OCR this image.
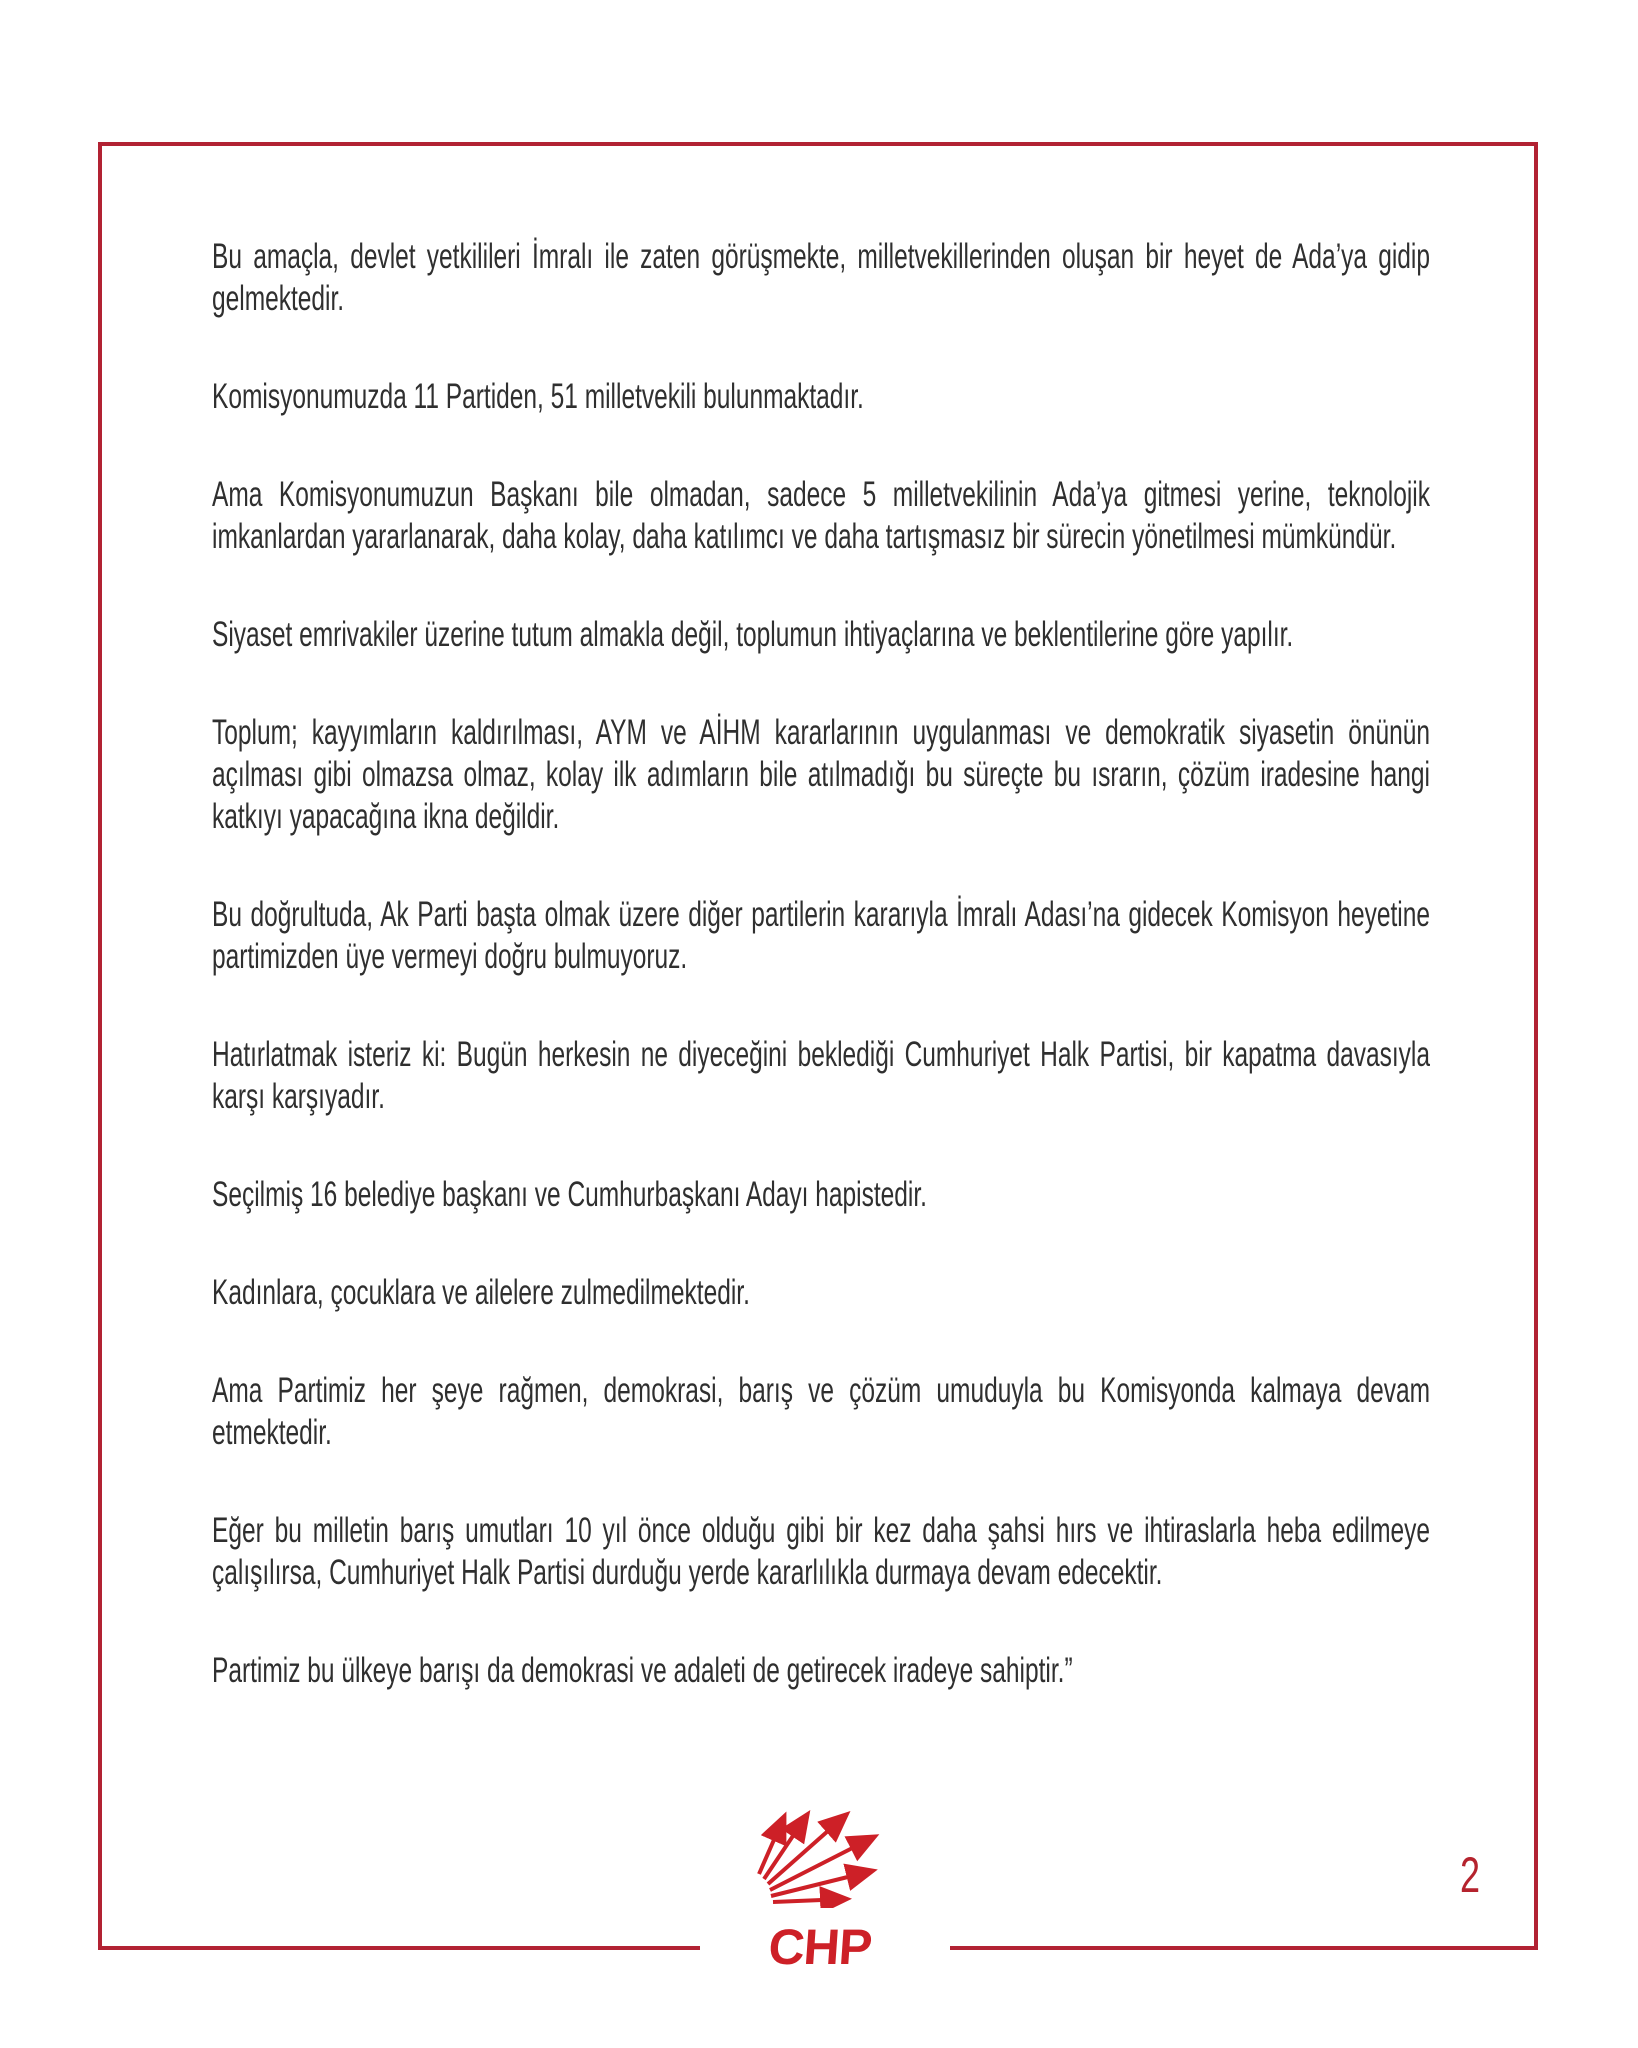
Bu amaçla, devlet yetkilileri İmralı ile zaten görüşmekte, milletvekillerinden oluşan bir heyet de Ada’ya gidip gelmektedir.

Komisyonumuzda 11 Partiden, 51 milletvekili bulunmaktadır.

Ama Komisyonumuzun Başkanı bile olmadan, sadece 5 milletvekilinin Ada’ya gitmesi yerine, teknolojik imkanlardan yararlanarak, daha kolay, daha katılımcı ve daha tartışmasız bir sürecin yönetilmesi mümkündür.

Siyaset emrivakiler üzerine tutum almakla değil, toplumun ihtiyaçlarına ve beklentilerine göre yapılır.

Toplum; kayyımların kaldırılması, AYM ve AİHM kararlarının uygulanması ve demokratik siyasetin önünün açılması gibi olmazsa olmaz, kolay ilk adımların bile atılmadığı bu süreçte bu ısrarın, çözüm iradesine hangi katkıyı yapacağına ikna değildir.

Bu doğrultuda, Ak Parti başta olmak üzere diğer partilerin kararıyla İmralı Adası’na gidecek Komisyon heyetine partimizden üye vermeyi doğru bulmuyoruz.

Hatırlatmak isteriz ki: Bugün herkesin ne diyeceğini beklediği Cumhuriyet Halk Partisi, bir kapatma davasıyla karşı karşıyadır.

Seçilmiş 16 belediye başkanı ve Cumhurbaşkanı Adayı hapistedir.

Kadınlara, çocuklara ve ailelere zulmedilmektedir.

Ama Partimiz her şeye rağmen, demokrasi, barış ve çözüm umuduyla bu Komisyonda kalmaya devam etmektedir.

Eğer bu milletin barış umutları 10 yıl önce olduğu gibi bir kez daha şahsi hırs ve ihtiraslarla heba edilmeye çalışılırsa, Cumhuriyet Halk Partisi durduğu yerde kararlılıkla durmaya devam edecektir.

Partimiz bu ülkeye barışı da demokrasi ve adaleti de getirecek iradeye sahiptir.”

CHP
2
